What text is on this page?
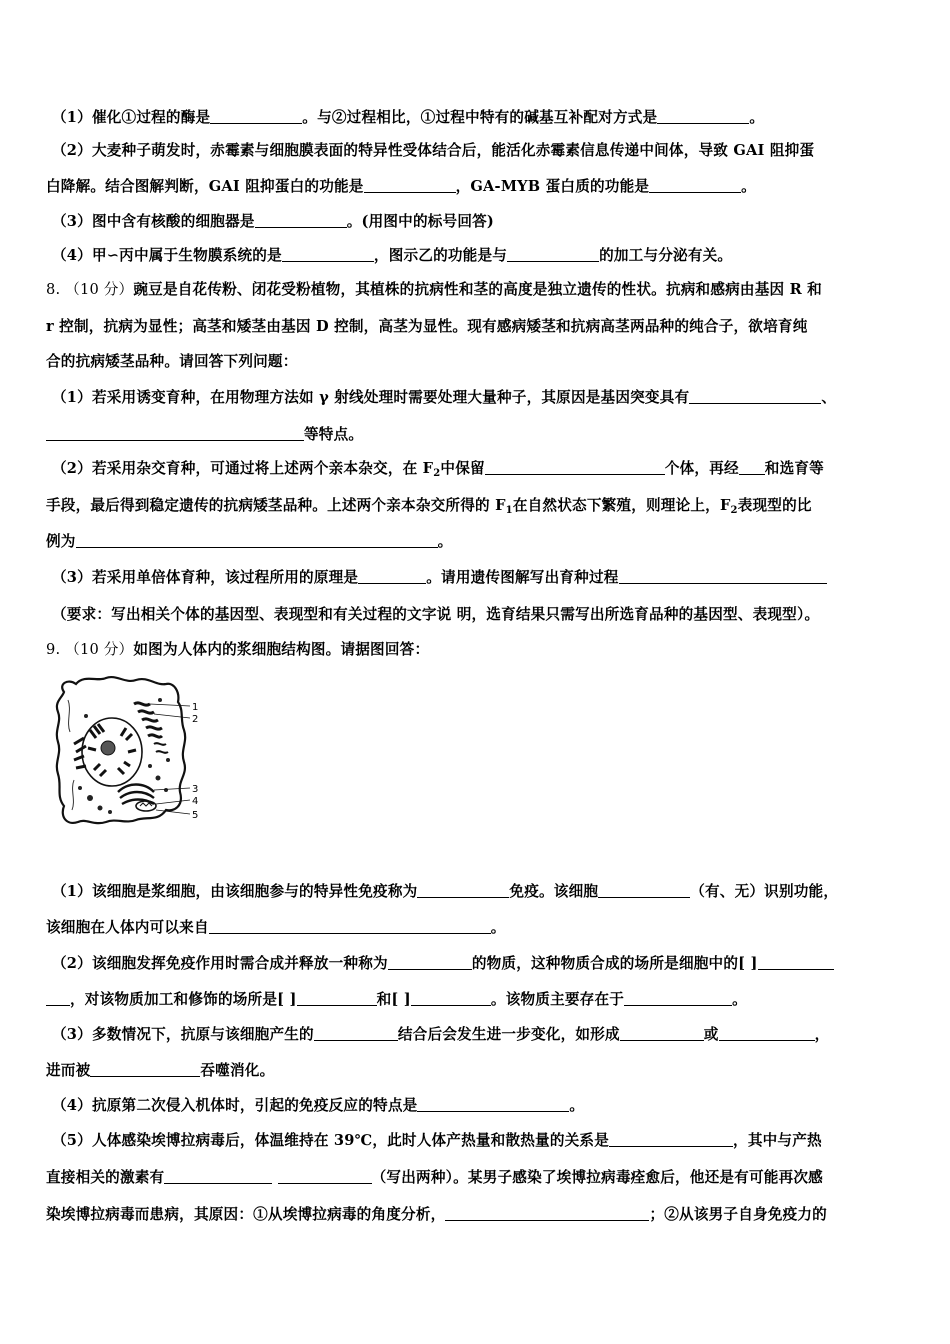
（1）催化①过程的酶是	。与②过程相比，①过程中特有的碱基互补配对方式是	。
（2）大麦种子萌发时，赤霉素与细胞膜表面的特异性受体结合后，能活化赤霉素信息传递中间体，导致 GAI 阻抑蛋
白降解。结合图解判断，GAI 阻抑蛋白的功能是	，GA-MYB 蛋白质的功能是	。
（3）图中含有核酸的细胞器是	。(用图中的标号回答)
（4）甲∽丙中属于生物膜系统的是	，图示乙的功能是与	的加工与分泌有关。
8. （10 分）豌豆是自花传粉、闭花受粉植物，其植株的抗病性和茎的高度是独立遗传的性状。抗病和感病由基因 R 和
r 控制，抗病为显性；高茎和矮茎由基因 D 控制，高茎为显性。现有感病矮茎和抗病高茎两品种的纯合子，欲培育纯
合的抗病矮茎品种。请回答下列问题：
（1）若采用诱变育种，在用物理方法如 γ 射线处理时需要处理大量种子，其原因是基因突变具有	、
等特点。
（2）若采用杂交育种，可通过将上述两个亲本杂交，在 $F_2$中保留	个体，再经 和选育等
手段，最后得到稳定遗传的抗病矮茎品种。上述两个亲本杂交所得的 $F_1$在自然状态下繁殖，则理论上，$F_2$表现型的比
例为	。
（3）若采用单倍体育种，该过程所用的原理是	。请用遗传图解写出育种过程
（要求：写出相关个体的基因型、表现型和有关过程的文字说 明，选育结果只需写出所选育品种的基因型、表现型）。
9. （10 分）如图为人体内的浆细胞结构图。请据图回答：
1
2
3
4
5
（1）该细胞是浆细胞，由该细胞参与的特异性免疫称为	免疫。该细胞	（有、无）识别功能，
该细胞在人体内可以来自	。
（2）该细胞发挥免疫作用时需合成并释放一种称为	的物质，这种物质合成的场所是细胞中的[ ]
，对该物质加工和修饰的场所是[ ]	和[ ]	。该物质主要存在于	。
（3）多数情况下，抗原与该细胞产生的	结合后会发生进一步变化，如形成	或	，
进而被	吞噬消化。
（4）抗原第二次侵入机体时，引起的免疫反应的特点是	。
（5）人体感染埃博拉病毒后，体温维持在 39℃，此时人体产热量和散热量的关系是	，其中与产热
直接相关的激素有	（写出两种）。某男子感染了埃博拉病毒痊愈后，他还是有可能再次感
染埃博拉病毒而患病，其原因：①从埃博拉病毒的角度分析，	；②从该男子自身免疫力的
